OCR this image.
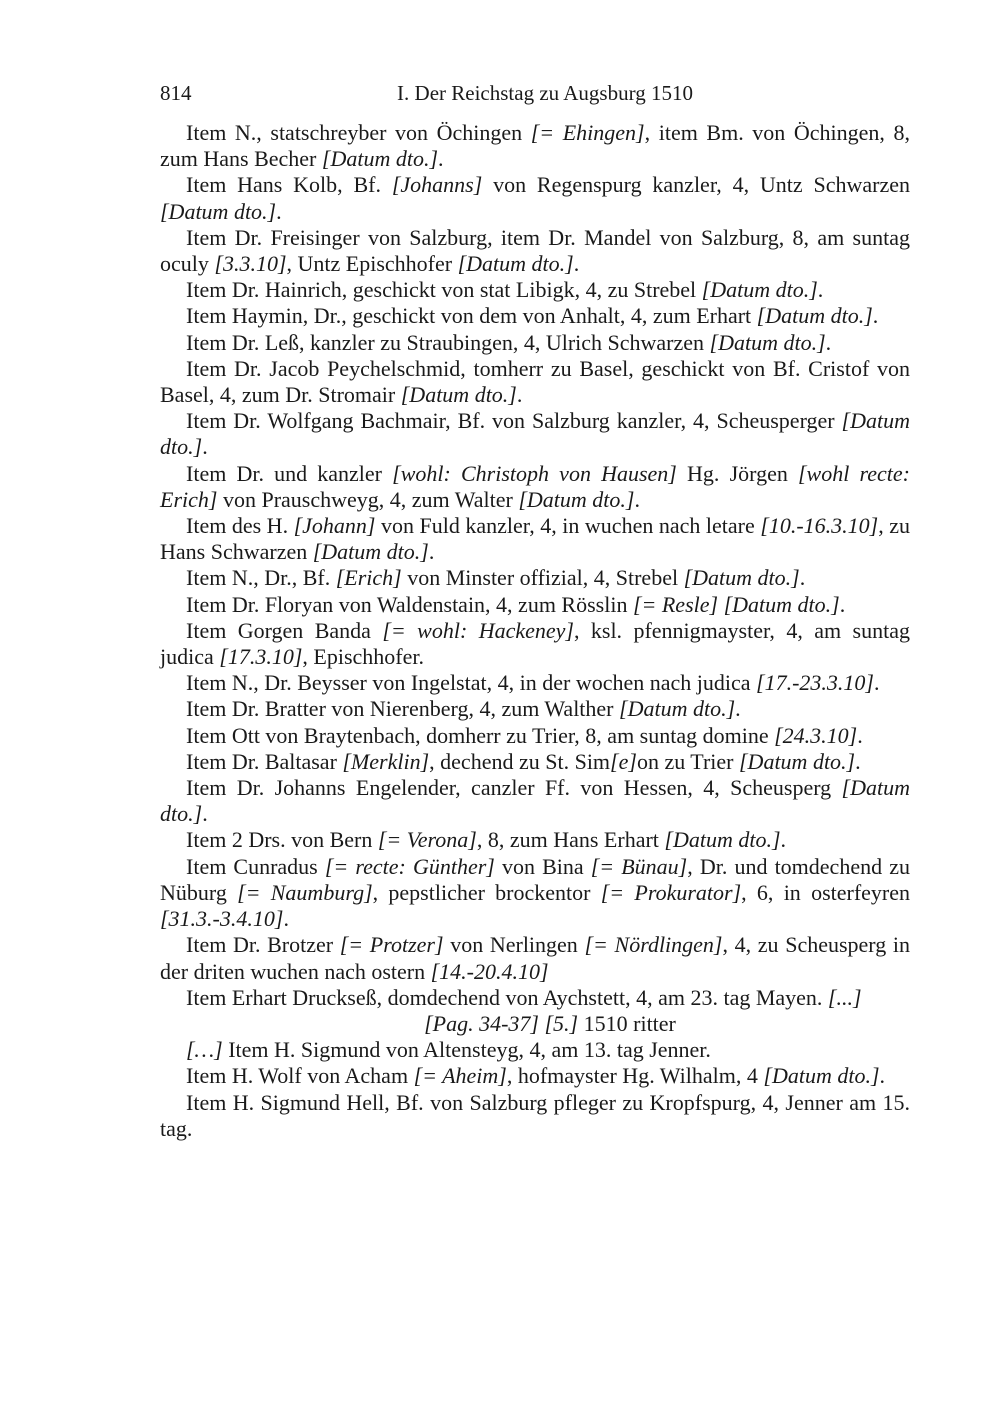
814	I. Der Reichstag zu Augsburg 1510

Item N., statschreyber von Öchingen [= Ehingen], item Bm. von Öchingen, 8, zum Hans Becher [Datum dto.].

Item Hans Kolb, Bf. [Johanns] von Regenspurg kanzler, 4, Untz Schwarzen [Datum dto.].

Item Dr. Freisinger von Salzburg, item Dr. Mandel von Salzburg, 8, am suntag oculy [3.3.10], Untz Epischhofer [Datum dto.].

Item Dr. Hainrich, geschickt von stat Libigk, 4, zu Strebel [Datum dto.].

Item Haymin, Dr., geschickt von dem von Anhalt, 4, zum Erhart [Datum dto.].

Item Dr. Leß, kanzler zu Straubingen, 4, Ulrich Schwarzen [Datum dto.].

Item Dr. Jacob Peychelschmid, tomherr zu Basel, geschickt von Bf. Cristof von Basel, 4, zum Dr. Stromair [Datum dto.].

Item Dr. Wolfgang Bachmair, Bf. von Salzburg kanzler, 4, Scheusperger [Datum dto.].

Item Dr. und kanzler [wohl: Christoph von Hausen] Hg. Jörgen [wohl recte: Erich] von Prauschweyg, 4, zum Walter [Datum dto.].

Item des H. [Johann] von Fuld kanzler, 4, in wuchen nach letare [10.-16.3.10], zu Hans Schwarzen [Datum dto.].

Item N., Dr., Bf. [Erich] von Minster offizial, 4, Strebel [Datum dto.].

Item Dr. Floryan von Waldenstain, 4, zum Rösslin [= Resle] [Datum dto.].

Item Gorgen Banda [= wohl: Hackeney], ksl. pfennigmayster, 4, am suntag judica [17.3.10], Epischhofer.

Item N., Dr. Beysser von Ingelstat, 4, in der wochen nach judica [17.-23.3.10].

Item Dr. Bratter von Nierenberg, 4, zum Walther [Datum dto.].

Item Ott von Braytenbach, domherr zu Trier, 8, am suntag domine [24.3.10].

Item Dr. Baltasar [Merklin], dechend zu St. Sim[e]on zu Trier [Datum dto.].

Item Dr. Johanns Engelender, canzler Ff. von Hessen, 4, Scheusperg [Datum dto.].

Item 2 Drs. von Bern [= Verona], 8, zum Hans Erhart [Datum dto.].

Item Cunradus [= recte: Günther] von Bina [= Bünau], Dr. und tomdechend zu Nüburg [= Naumburg], pepstlicher brockentor [= Prokurator], 6, in osterfeyren [31.3.-3.4.10].

Item Dr. Brotzer [= Protzer] von Nerlingen [= Nördlingen], 4, zu Scheusperg in der driten wuchen nach ostern [14.-20.4.10]

Item Erhart Druckseß, domdechend von Aychstett, 4, am 23. tag Mayen. [...]

[Pag. 34-37] [5.] 1510 ritter

[…] Item H. Sigmund von Altensteyg, 4, am 13. tag Jenner.

Item H. Wolf von Acham [= Aheim], hofmayster Hg. Wilhalm, 4 [Datum dto.].

Item H. Sigmund Hell, Bf. von Salzburg pfleger zu Kropfspurg, 4, Jenner am 15. tag.
